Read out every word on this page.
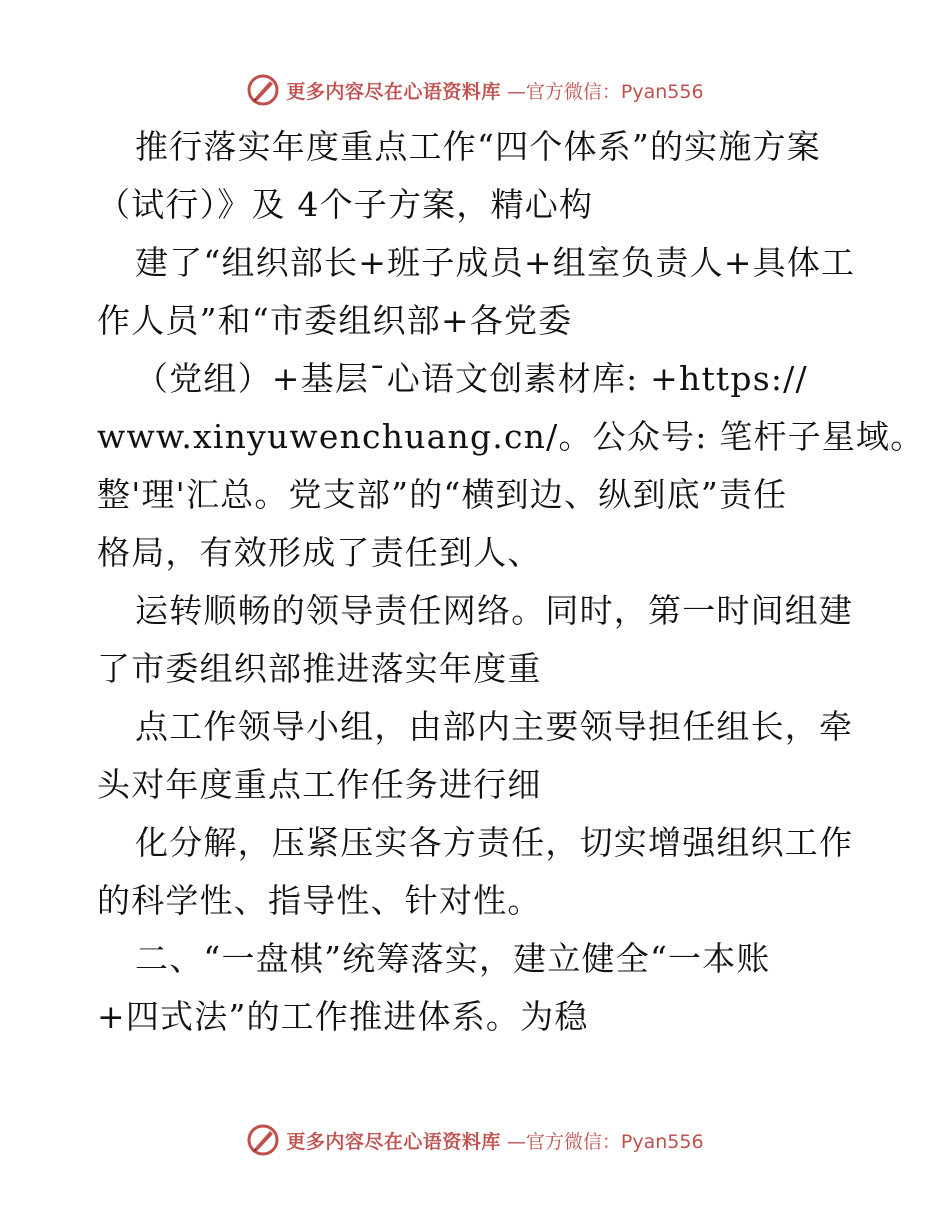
更多内容尽在心语资料库 —官方微信：Pyan556
推行落实年度重点工作“四个体系”的实施方案
（试行）》及 4个子方案，精心构
建了“组织部长+班子成员+组室负责人+具体工
作人员”和“市委组织部+各党委
（党组）+基层¯心语文创素材库: +https://
www.xinyuwenchuang.cn/。公众号: 笔杆子星域。
整'理'汇总。党支部”的“横到边、纵到底”责任
格局，有效形成了责任到人、
运转顺畅的领导责任网络。同时，第一时间组建
了市委组织部推进落实年度重
点工作领导小组，由部内主要领导担任组长，牵
头对年度重点工作任务进行细
化分解，压紧压实各方责任，切实增强组织工作
的科学性、指导性、针对性。
二、“一盘棋”统筹落实，建立健全“一本账
+四式法”的工作推进体系。为稳
更多内容尽在心语资料库 —官方微信：Pyan556
